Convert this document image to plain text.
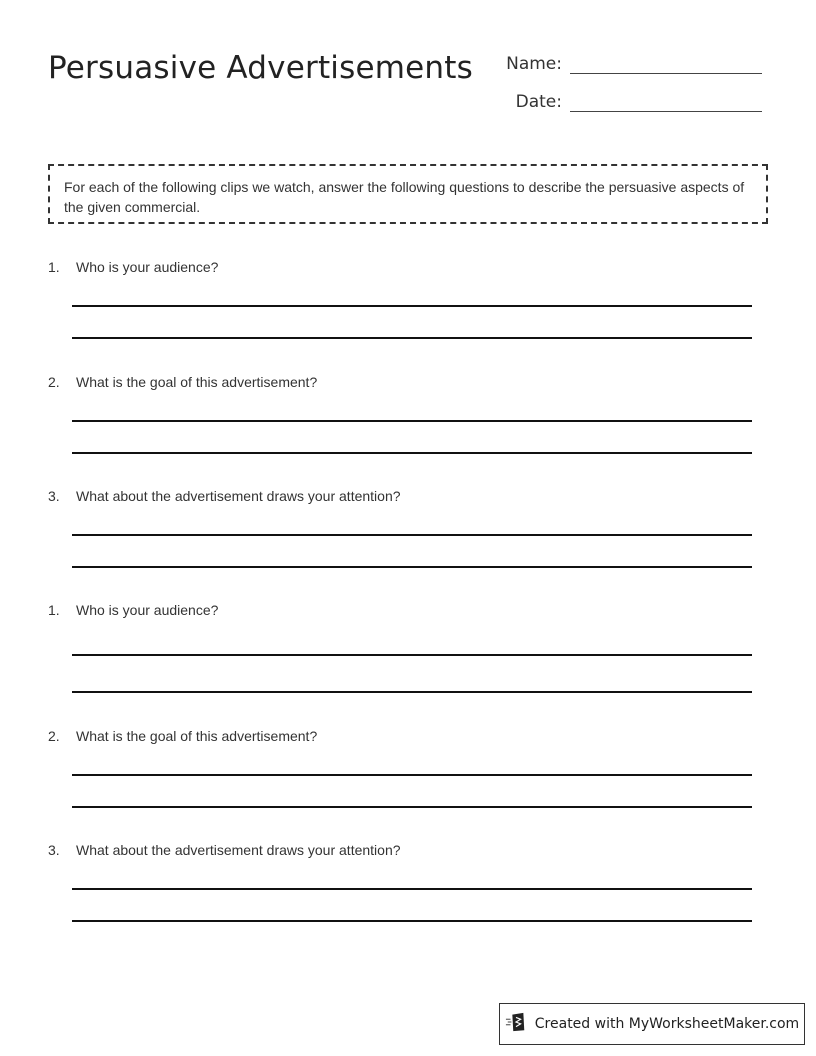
Persuasive Advertisements	Name:
Date:
For each of the following clips we watch, answer the following questions to describe the persuasive aspects of the given commercial.
1.	Who is your audience?
2.	What is the goal of this advertisement?
3.	What about the advertisement draws your attention?
1.	Who is your audience?
2.	What is the goal of this advertisement?
3.	What about the advertisement draws your attention?
Created with MyWorksheetMaker.com
